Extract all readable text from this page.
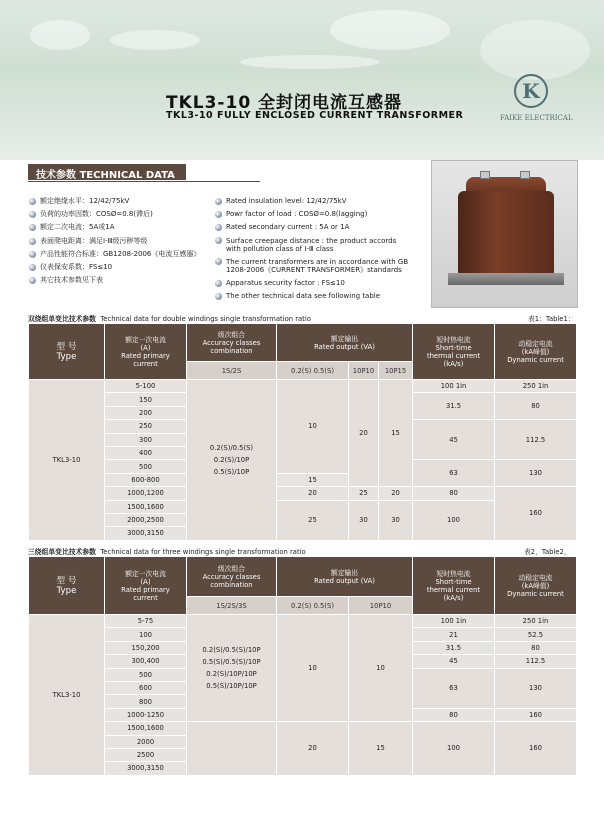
TKL3-10 全封闭电流互感器
TKL3-10 FULLY ENCLOSED CURRENT TRANSFORMER
K
FAIKE ELECTRICAL
技术参数 TECHNICAL DATA
额定绝缘水平：12/42/75kV
负荷的功率因数：COSØ=0.8(滞后)
额定二次电流：5A或1A
表面爬电距离：满足Ⅰ-Ⅲ级污秽等级
产品性能符合标准：GB1208-2006《电流互感器》
仪表保安系数：FS≤10
其它技术参数见下表
Rated insulation level: 12/42/75kV
Powr factor of load : COSØ=0.8(lagging)
Rated secondary current : 5A or 1A
Surface creepage distance : the product accords
with pollution class of Ⅰ-Ⅲ class
The current transformers are in accordance with GB
1208-2006《CURRENT TRANSFORMER》standards
Apparatus security factor : FS≤10
The other technical data see following table
双绕组单变比技术参数 Technical data for double windings single transformation ratio	表1：Table1：
型 号
Type	额定一次电流
(A)
Rated primary
current	级次组合
Accuracy classes
combination	额定输出
Rated output (VA)			短时热电流
Short-time
thermal current
(kA/s)	动稳定电流
(kA峰值)
Dynamic current
		1S/2S	0.2(S) 0.5(S)	10P10	10P15		
TKL3-10	5-100	0.2(S)/0.5(S)
0.2(S)/10P
0.5(S)/10P	10	20	15	100 1in	250 1in
	150					31.5	80
	200						
	250					45	112.5
	300						
	400						
	500					63	130
	600-800		15				
	1000,1200		20	25	20	80	160
	1500,1600		25	30	30	100	
	2000,2500						
	3000,3150						
三绕组单变比技术参数 Technical data for three windings single transformation ratio	表2，Table2，
型 号
Type	额定一次电流
(A)
Rated primary
current	级次组合
Accuracy classes
combination	额定输出
Rated output (VA)		短时热电流
Short-time
thermal current
(kA/s)	动稳定电流
(kA峰值)
Dynamic current
		1S/2S/3S	0.2(S) 0.5(S)	10P10		
TKL3-10	5-75	0.2(S)/0.5(S)/10P
0.5(S)/0.5(S)/10P
0.2(S)/10P/10P
0.5(S)/10P/10P	10	10	100 1in	250 1in
	100				21	52.5
	150,200				31.5	80
	300,400				45	112.5
	500				63	130
	600					
	800					
	1000-1250				80	160
	1500,1600		20	15	100	160
	2000					
	2500					
	3000,3150					
